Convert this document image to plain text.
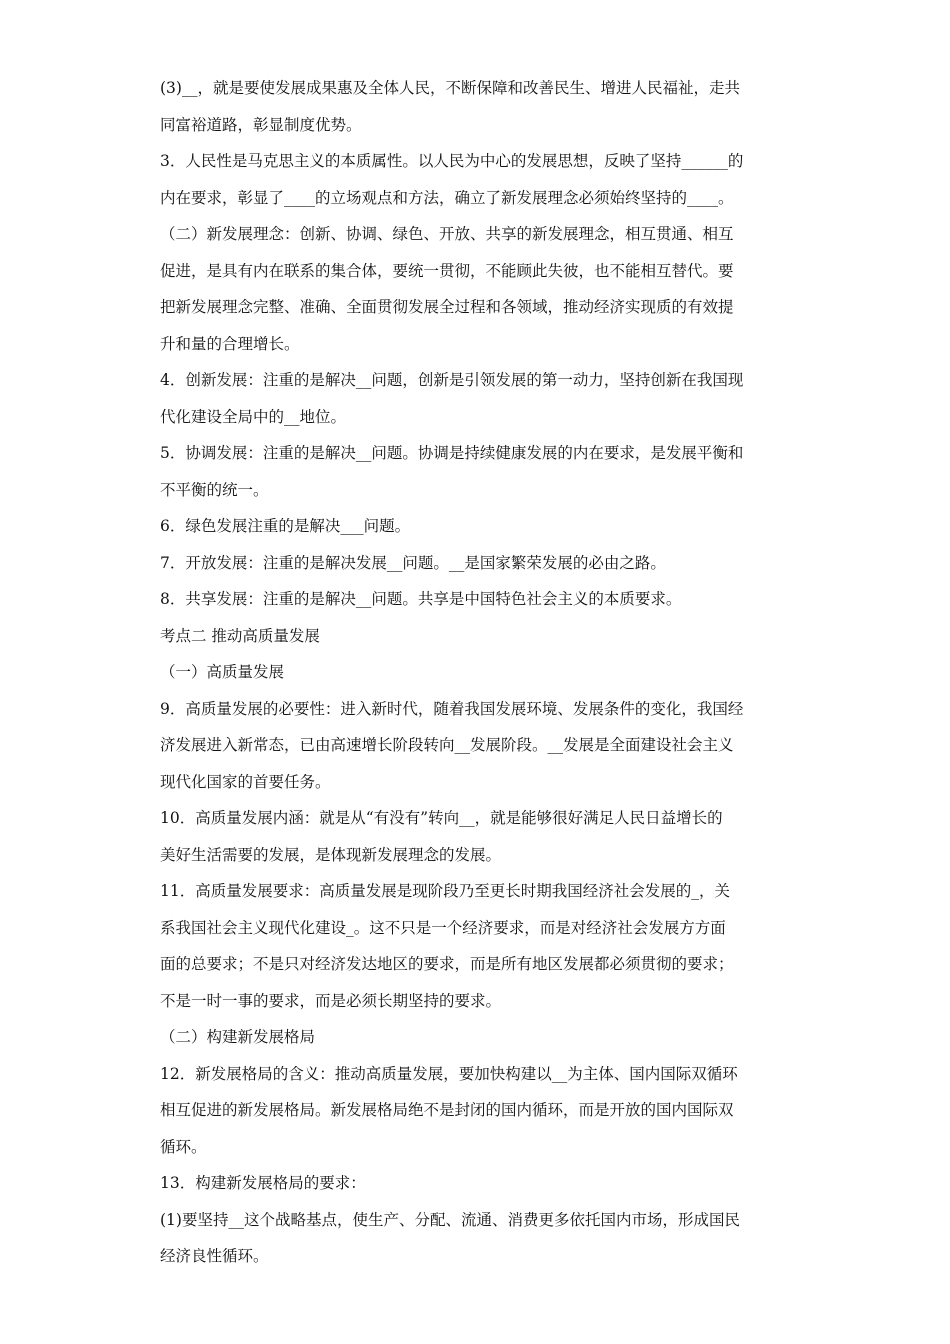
(3)__，就是要使发展成果惠及全体人民，不断保障和改善民生、增进人民福祉，走共
同富裕道路，彰显制度优势。
3．人民性是马克思主义的本质属性。以人民为中心的发展思想，反映了坚持______的
内在要求，彰显了____的立场观点和方法，确立了新发展理念必须始终坚持的____。
（二）新发展理念：创新、协调、绿色、开放、共享的新发展理念，相互贯通、相互
促进，是具有内在联系的集合体，要统一贯彻，不能顾此失彼，也不能相互替代。要
把新发展理念完整、准确、全面贯彻发展全过程和各领域，推动经济实现质的有效提
升和量的合理增长。
4．创新发展：注重的是解决__问题，创新是引领发展的第一动力，坚持创新在我国现
代化建设全局中的__地位。
5．协调发展：注重的是解决__问题。协调是持续健康发展的内在要求，是发展平衡和
不平衡的统一。
6．绿色发展注重的是解决___问题。
7．开放发展：注重的是解决发展__问题。__是国家繁荣发展的必由之路。
8．共享发展：注重的是解决__问题。共享是中国特色社会主义的本质要求。
考点二 推动高质量发展
（一）高质量发展
9．高质量发展的必要性：进入新时代，随着我国发展环境、发展条件的变化，我国经
济发展进入新常态，已由高速增长阶段转向__发展阶段。__发展是全面建设社会主义
现代化国家的首要任务。
10．高质量发展内涵：就是从“有没有”转向__，就是能够很好满足人民日益增长的
美好生活需要的发展，是体现新发展理念的发展。
11．高质量发展要求：高质量发展是现阶段乃至更长时期我国经济社会发展的_，关
系我国社会主义现代化建设_。这不只是一个经济要求，而是对经济社会发展方方面
面的总要求；不是只对经济发达地区的要求，而是所有地区发展都必须贯彻的要求；
不是一时一事的要求，而是必须长期坚持的要求。
（二）构建新发展格局
12．新发展格局的含义：推动高质量发展，要加快构建以__为主体、国内国际双循环
相互促进的新发展格局。新发展格局绝不是封闭的国内循环，而是开放的国内国际双
循环。
13．构建新发展格局的要求：
(1)要坚持__这个战略基点，使生产、分配、流通、消费更多依托国内市场，形成国民
经济良性循环。
